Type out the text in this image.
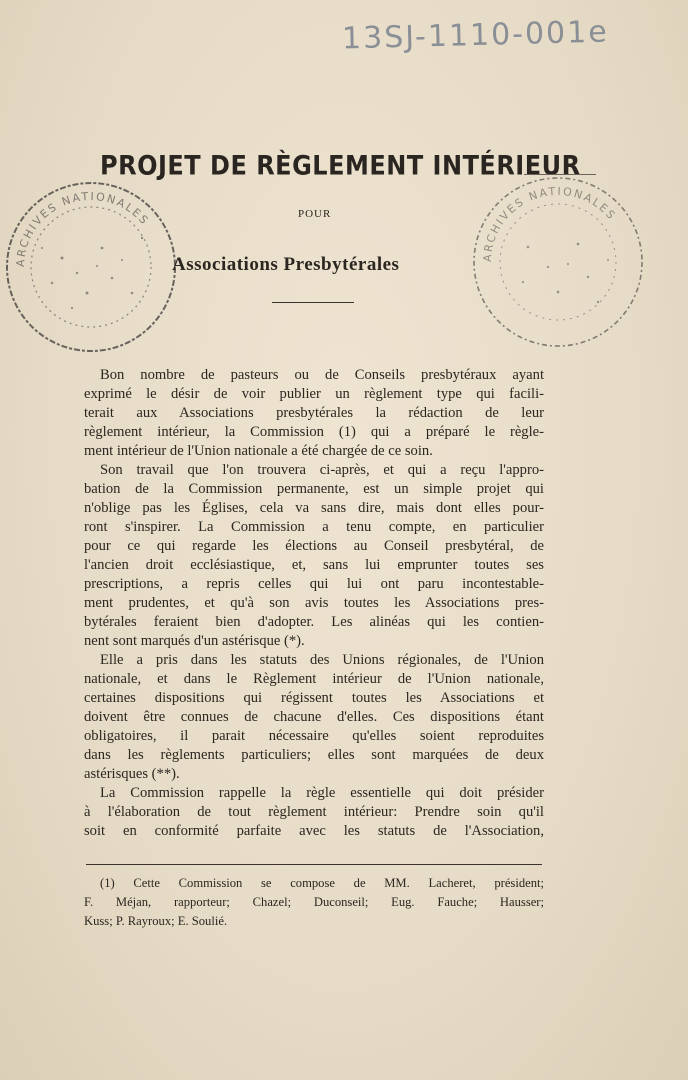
13SJ-1110-001e
ARCHIVES NATIONALES
ARCHIVES NATIONALES
PROJET DE RÈGLEMENT INTÉRIEUR
POUR
Associations Presbytérales
Bon nombre de pasteurs ou de Conseils presbytéraux ayant
exprimé le désir de voir publier un règlement type qui facili-
terait aux Associations presbytérales la rédaction de leur
règlement intérieur, la Commission (1) qui a préparé le règle-
ment intérieur de l'Union nationale a été chargée de ce soin.
Son travail que l'on trouvera ci-après, et qui a reçu l'appro-
bation de la Commission permanente, est un simple projet qui
n'oblige pas les Églises, cela va sans dire, mais dont elles pour-
ront s'inspirer. La Commission a tenu compte, en particulier
pour ce qui regarde les élections au Conseil presbytéral, de
l'ancien droit ecclésiastique, et, sans lui emprunter toutes ses
prescriptions, a repris celles qui lui ont paru incontestable-
ment prudentes, et qu'à son avis toutes les Associations pres-
bytérales feraient bien d'adopter. Les alinéas qui les contien-
nent sont marqués d'un astérisque (*).
Elle a pris dans les statuts des Unions régionales, de l'Union
nationale, et dans le Règlement intérieur de l'Union nationale,
certaines dispositions qui régissent toutes les Associations et
doivent être connues de chacune d'elles. Ces dispositions étant
obligatoires, il parait nécessaire qu'elles soient reproduites
dans les règlements particuliers; elles sont marquées de deux
astérisques (**).
La Commission rappelle la règle essentielle qui doit présider
à l'élaboration de tout règlement intérieur: Prendre soin qu'il
soit en conformité parfaite avec les statuts de l'Association,
(1) Cette Commission se compose de MM. Lacheret, président;
F. Méjan, rapporteur; Chazel; Duconseil; Eug. Fauche; Hausser;
Kuss; P. Rayroux; E. Soulié.
